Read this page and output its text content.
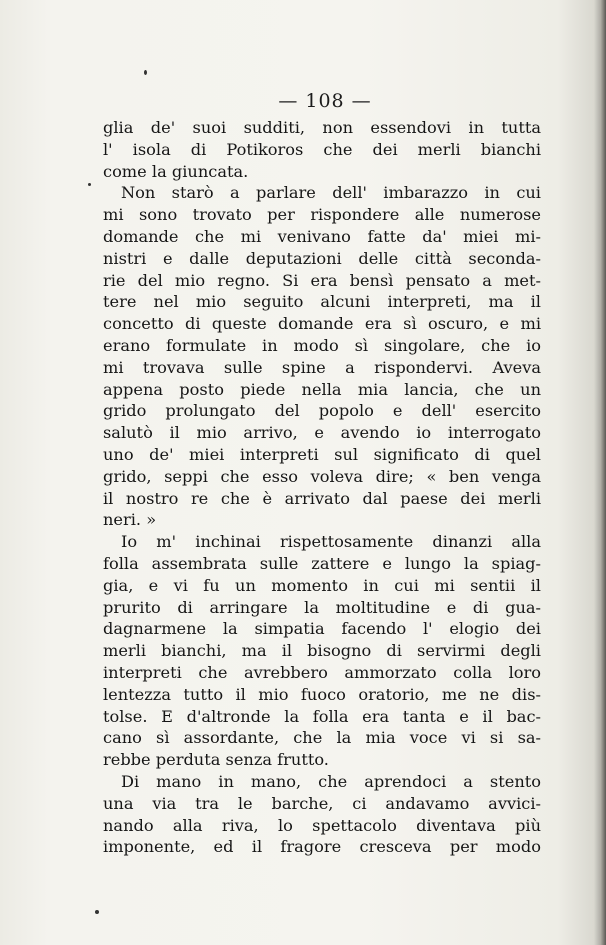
— 108 —
glia de' suoi sudditi, non essendovi in tutta
l' isola di Potikoros che dei merli bianchi
come la giuncata.
Non starò a parlare dell' imbarazzo in cui
mi sono trovato per rispondere alle numerose
domande che mi venivano fatte da' miei mi-
nistri e dalle deputazioni delle città seconda-
rie del mio regno. Si era bensì pensato a met-
tere nel mio seguito alcuni interpreti, ma il
concetto di queste domande era sì oscuro, e mi
erano formulate in modo sì singolare, che io
mi trovava sulle spine a rispondervi. Aveva
appena posto piede nella mia lancia, che un
grido prolungato del popolo e dell' esercito
salutò il mio arrivo, e avendo io interrogato
uno de' miei interpreti sul significato di quel
grido, seppi che esso voleva dire; « ben venga
il nostro re che è arrivato dal paese dei merli
neri. »
Io m' inchinai rispettosamente dinanzi alla
folla assembrata sulle zattere e lungo la spiag-
gia, e vi fu un momento in cui mi sentii il
prurito di arringare la moltitudine e di gua-
dagnarmene la simpatia facendo l' elogio dei
merli bianchi, ma il bisogno di servirmi degli
interpreti che avrebbero ammorzato colla loro
lentezza tutto il mio fuoco oratorio, me ne dis-
tolse. E d'altronde la folla era tanta e il bac-
cano sì assordante, che la mia voce vi si sa-
rebbe perduta senza frutto.
Di mano in mano, che aprendoci a stento
una via tra le barche, ci andavamo avvici-
nando alla riva, lo spettacolo diventava più
imponente, ed il fragore cresceva per modo
